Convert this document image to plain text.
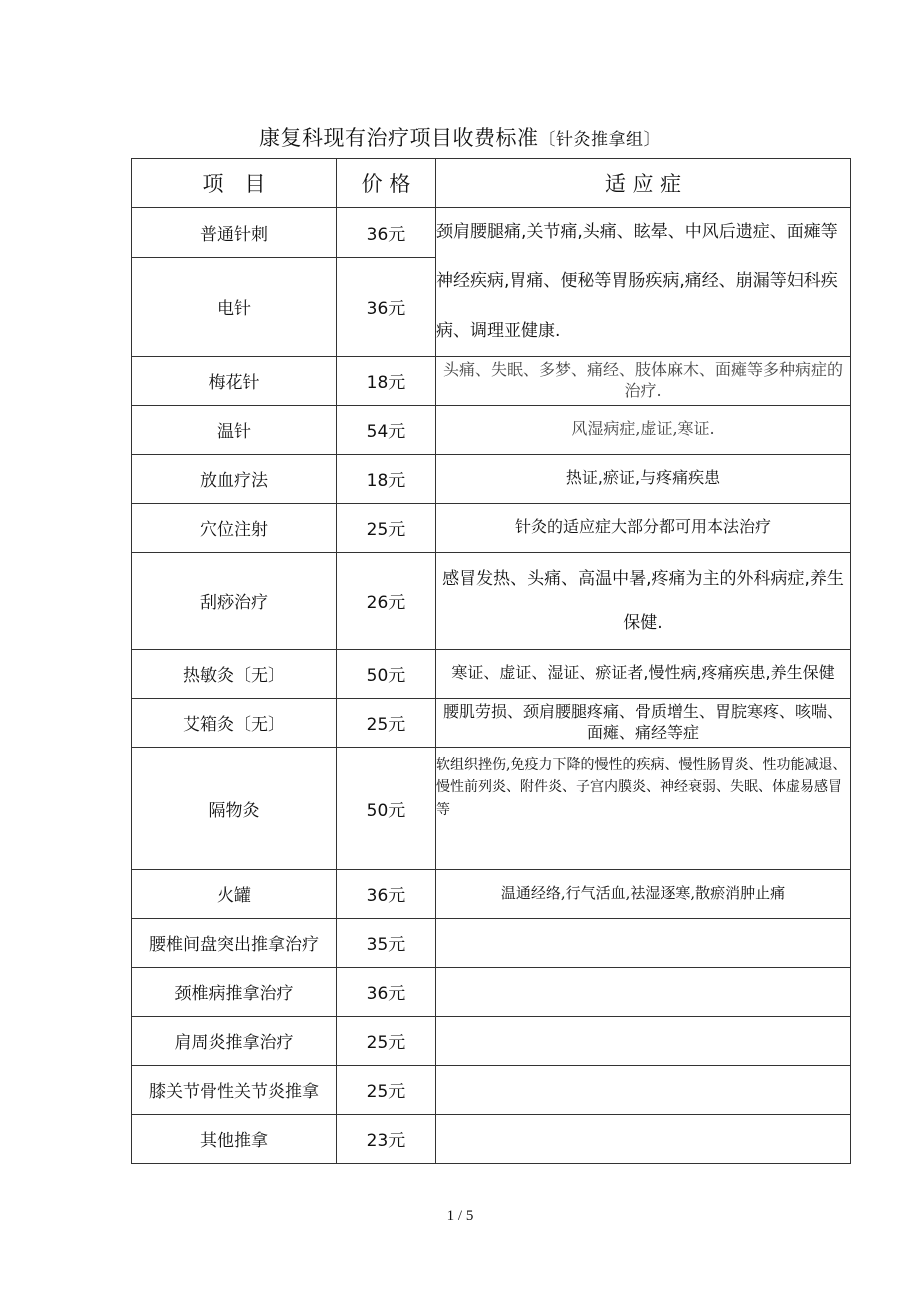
康复科现有治疗项目收费标准〔针灸推拿组〕
项　目	价 格	适 应 症
普通针刺	36元	颈肩腰腿痛,关节痛,头痛、眩晕、中风后遗症、面瘫等神经疾病,胃痛、便秘等胃肠疾病,痛经、崩漏等妇科疾病、调理亚健康.

电针	36元	
梅花针	18元	头痛、失眠、多梦、痛经、肢体麻木、面瘫等多种病症的治疗.
温针	54元	风湿病症,虚证,寒证.
放血疗法	18元	热证,瘀证,与疼痛疾患
穴位注射	25元	针灸的适应症大部分都可用本法治疗
刮痧治疗	26元	感冒发热、头痛、高温中暑,疼痛为主的外科病症,养生保健.

热敏灸〔无〕	50元	寒证、虚证、湿证、瘀证者,慢性病,疼痛疾患,养生保健
艾箱灸〔无〕	25元	腰肌劳损、颈肩腰腿疼痛、骨质增生、胃脘寒疼、咳喘、面瘫、痛经等症
隔物灸	50元	软组织挫伤,免疫力下降的慢性的疾病、慢性肠胃炎、性功能减退、慢性前列炎、附件炎、子宫内膜炎、神经衰弱、失眠、体虚易感冒等
火罐	36元	温通经络,行气活血,祛湿逐寒,散瘀消肿止痛
腰椎间盘突出推拿治疗	35元	
颈椎病推拿治疗	36元	
肩周炎推拿治疗	25元	
膝关节骨性关节炎推拿	25元	
其他推拿	23元	
1 / 5
